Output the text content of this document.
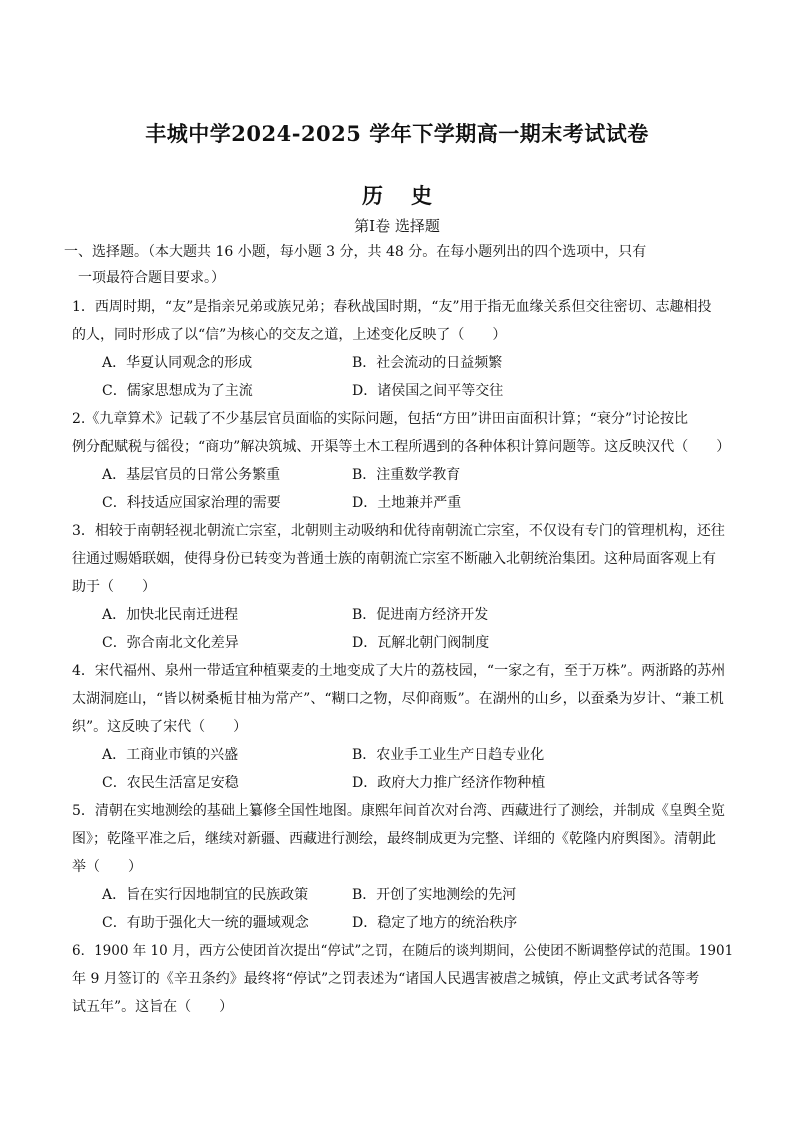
丰城中学2024-2025 学年下学期高一期末考试试卷
历史
第Ⅰ卷 选择题
一、选择题。（本大题共 16 小题，每小题 3 分，共 48 分。在每小题列出的四个选项中，只有
一项最符合题目要求。）
1．西周时期，“友”是指亲兄弟或族兄弟；春秋战国时期，“友”用于指无血缘关系但交往密切、志趣相投
的人，同时形成了以“信”为核心的交友之道，上述变化反映了（　　）
A．华夏认同观念的形成	B．社会流动的日益频繁
C．儒家思想成为了主流	D．诸侯国之间平等交往
2.《九章算术》记载了不少基层官员面临的实际问题，包括“方田”讲田亩面积计算；“衰分”讨论按比
例分配赋税与徭役；“商功”解决筑城、开渠等土木工程所遇到的各种体积计算问题等。这反映汉代（　　）
A．基层官员的日常公务繁重	B．注重数学教育
C．科技适应国家治理的需要	D．土地兼并严重
3．相较于南朝轻视北朝流亡宗室，北朝则主动吸纳和优待南朝流亡宗室，不仅设有专门的管理机构，还往
往通过赐婚联姻，使得身份已转变为普通士族的南朝流亡宗室不断融入北朝统治集团。这种局面客观上有
助于（　　）
A．加快北民南迁进程	B．促进南方经济开发
C．弥合南北文化差异	D．瓦解北朝门阀制度
4．宋代福州、泉州一带适宜种植粟麦的土地变成了大片的荔枝园，“一家之有，至于万株”。两浙路的苏州
太湖洞庭山，“皆以树桑栀甘柚为常产”、“糊口之物，尽仰商贩”。在湖州的山乡，以蚕桑为岁计、“兼工机
织”。这反映了宋代（　　）
A．工商业市镇的兴盛	B．农业手工业生产日趋专业化
C．农民生活富足安稳	D．政府大力推广经济作物种植
5．清朝在实地测绘的基础上纂修全国性地图。康熙年间首次对台湾、西藏进行了测绘，并制成《皇舆全览
图》；乾隆平准之后，继续对新疆、西藏进行测绘，最终制成更为完整、详细的《乾隆内府舆图》。清朝此
举（　　）
A．旨在实行因地制宜的民族政策	B．开创了实地测绘的先河
C．有助于强化大一统的疆域观念	D．稳定了地方的统治秩序
6．1900 年 10 月，西方公使团首次提出“停试”之罚，在随后的谈判期间，公使团不断调整停试的范围。1901
年 9 月签订的《辛丑条约》最终将“停试”之罚表述为“诸国人民遇害被虐之城镇，停止文武考试各等考
试五年”。这旨在（　　）
